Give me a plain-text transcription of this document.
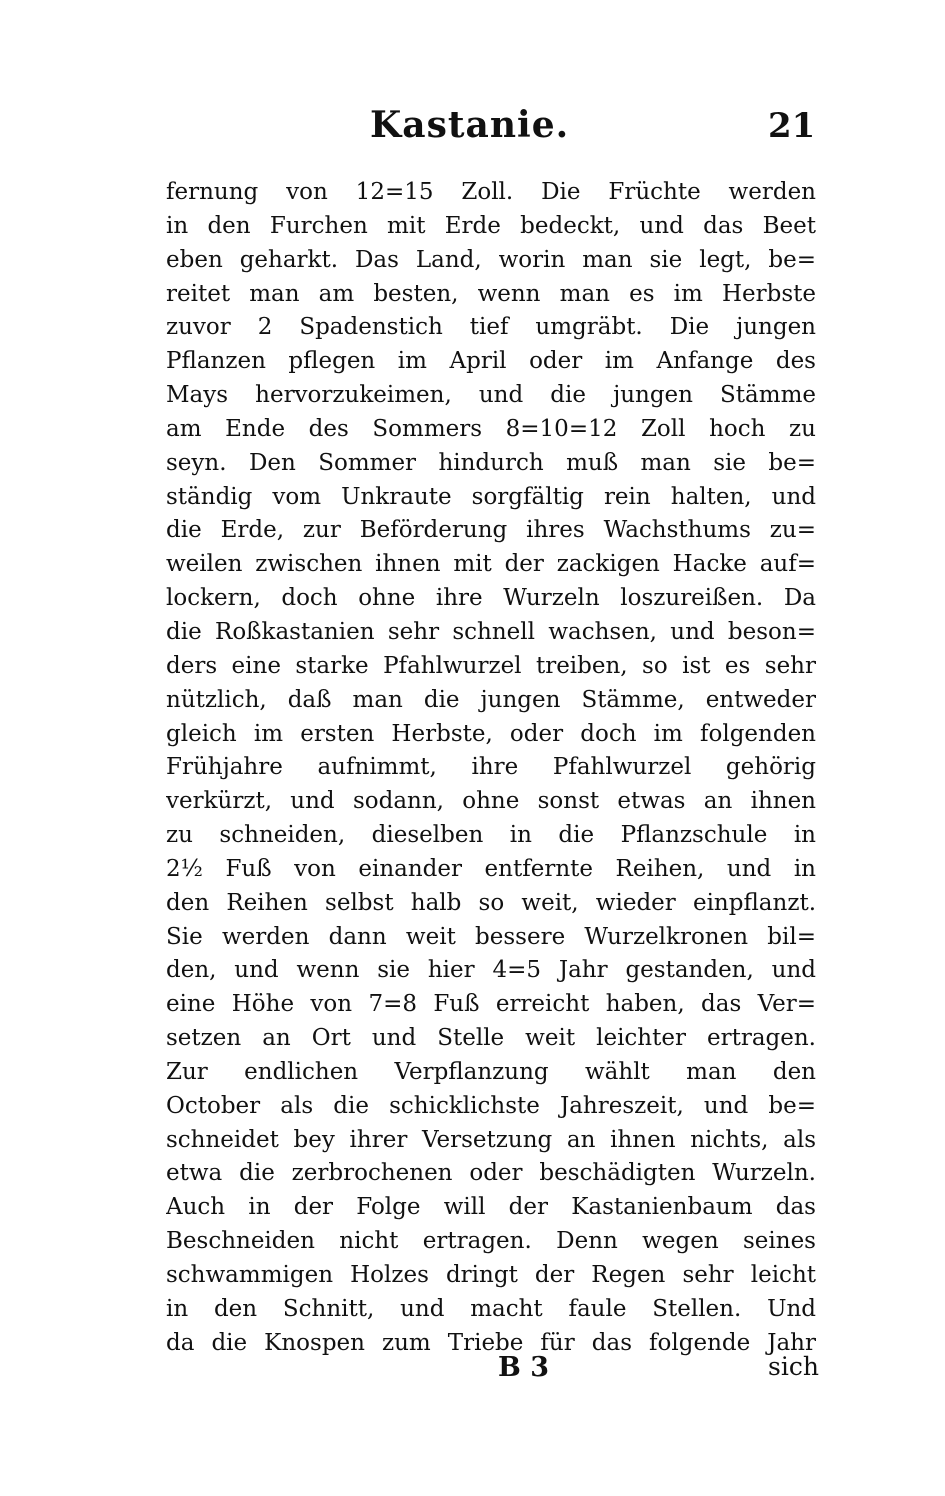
Kastanie.	21
fernung von 12=15 Zoll. Die Früchte werden
in den Furchen mit Erde bedeckt, und das Beet
eben geharkt. Das Land, worin man sie legt, be=
reitet man am besten, wenn man es im Herbste
zuvor 2 Spadenstich tief umgräbt. Die jungen
Pflanzen pflegen im April oder im Anfange des
Mays hervorzukeimen, und die jungen Stämme
am Ende des Sommers 8=10=12 Zoll hoch zu
seyn. Den Sommer hindurch muß man sie be=
ständig vom Unkraute sorgfältig rein halten, und
die Erde, zur Beförderung ihres Wachsthums zu=
weilen zwischen ihnen mit der zackigen Hacke auf=
lockern, doch ohne ihre Wurzeln loszureißen. Da
die Roßkastanien sehr schnell wachsen, und beson=
ders eine starke Pfahlwurzel treiben, so ist es sehr
nützlich, daß man die jungen Stämme, entweder
gleich im ersten Herbste, oder doch im folgenden
Frühjahre aufnimmt, ihre Pfahlwurzel gehörig
verkürzt, und sodann, ohne sonst etwas an ihnen
zu schneiden, dieselben in die Pflanzschule in
2½ Fuß von einander entfernte Reihen, und in
den Reihen selbst halb so weit, wieder einpflanzt.
Sie werden dann weit bessere Wurzelkronen bil=
den, und wenn sie hier 4=5 Jahr gestanden, und
eine Höhe von 7=8 Fuß erreicht haben, das Ver=
setzen an Ort und Stelle weit leichter ertragen.
Zur endlichen Verpflanzung wählt man den
October als die schicklichste Jahreszeit, und be=
schneidet bey ihrer Versetzung an ihnen nichts, als
etwa die zerbrochenen oder beschädigten Wurzeln.
Auch in der Folge will der Kastanienbaum das
Beschneiden nicht ertragen. Denn wegen seines
schwammigen Holzes dringt der Regen sehr leicht
in den Schnitt, und macht faule Stellen. Und
da die Knospen zum Triebe für das folgende Jahr
B 3	sich
